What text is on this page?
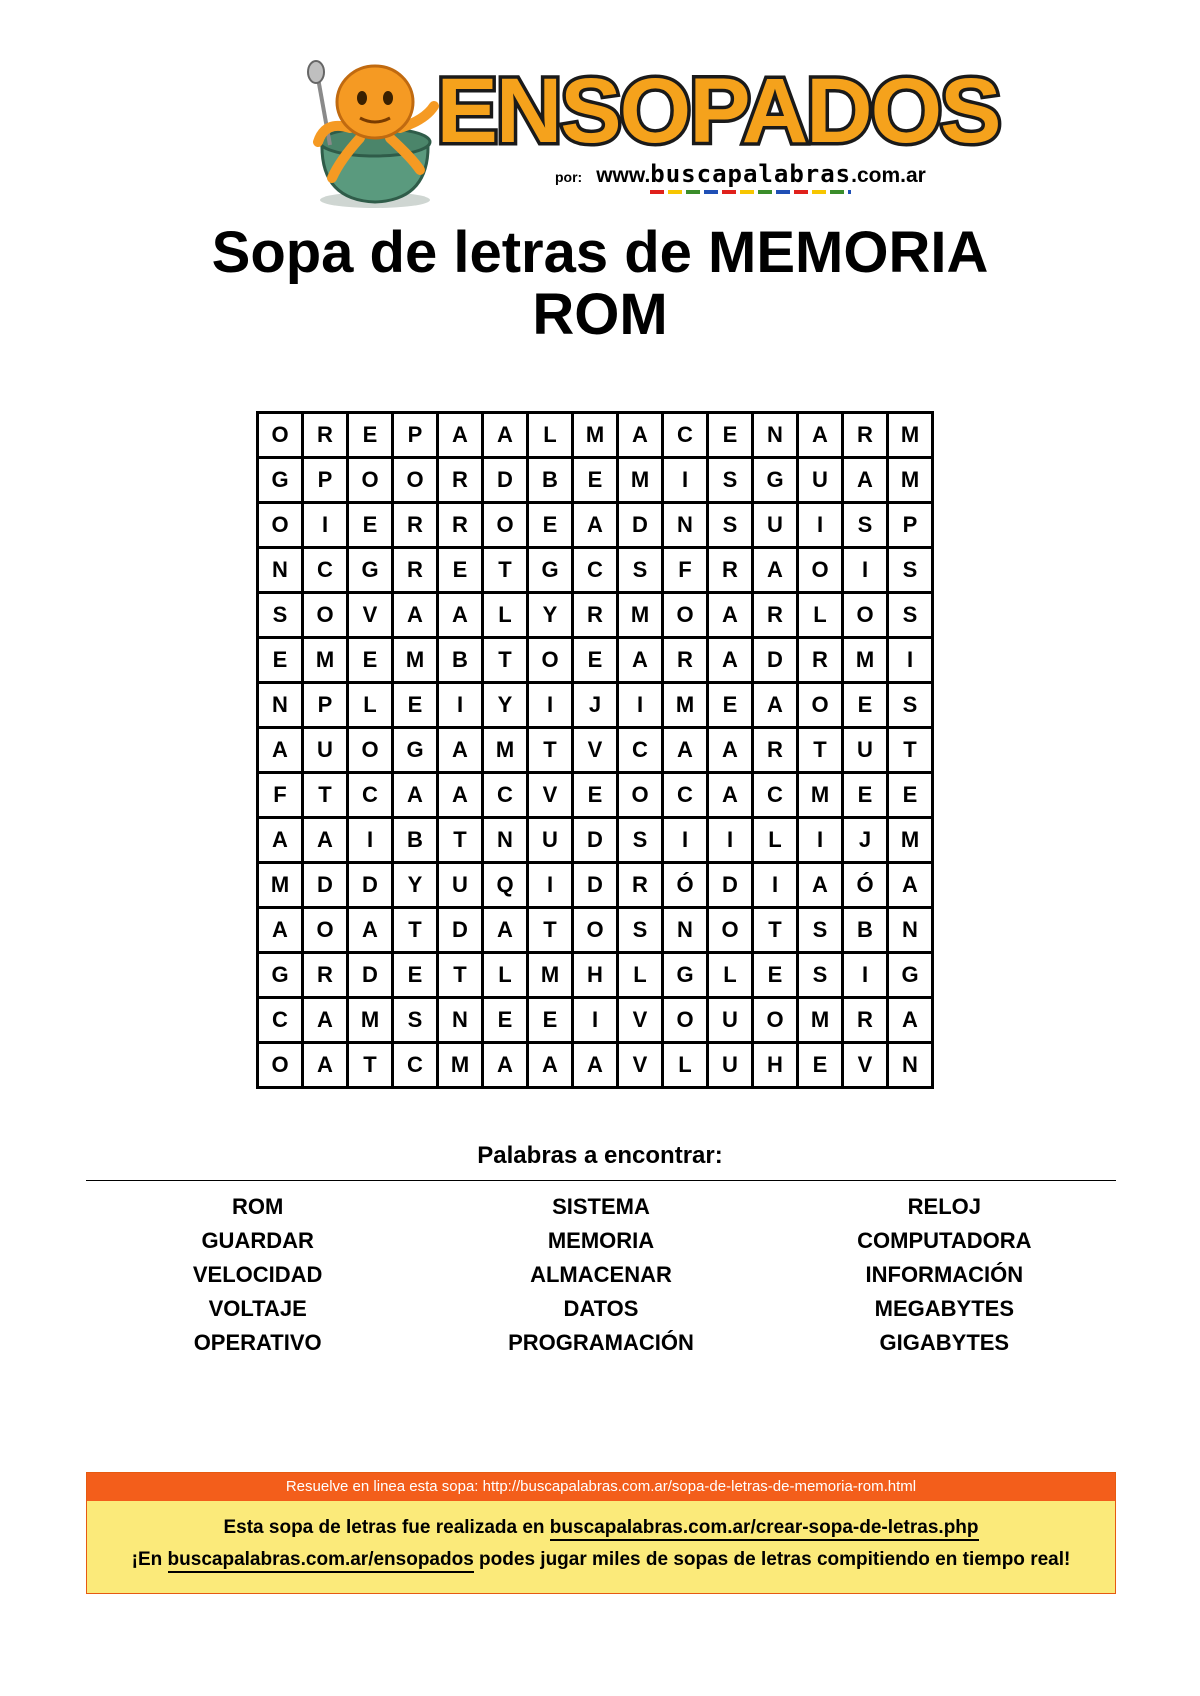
ENSOPADOS
por: www.buscapalabras
.com.ar
Sopa de letras de MEMORIA
ROM
O	R	E	P	A	A	L	M	A	C	E	N	A	R	M
G	P	O	O	R	D	B	E	M	I	S	G	U	A	M
O	I	E	R	R	O	E	A	D	N	S	U	I	S	P
N	C	G	R	E	T	G	C	S	F	R	A	O	I	S
S	O	V	A	A	L	Y	R	M	O	A	R	L	O	S
E	M	E	M	B	T	O	E	A	R	A	D	R	M	I
N	P	L	E	I	Y	I	J	I	M	E	A	O	E	S
A	U	O	G	A	M	T	V	C	A	A	R	T	U	T
F	T	C	A	A	C	V	E	O	C	A	C	M	E	E
A	A	I	B	T	N	U	D	S	I	I	L	I	J	M
M	D	D	Y	U	Q	I	D	R	Ó	D	I	A	Ó	A
A	O	A	T	D	A	T	O	S	N	O	T	S	B	N
G	R	D	E	T	L	M	H	L	G	L	E	S	I	G
C	A	M	S	N	E	E	I	V	O	U	O	M	R	A
O	A	T	C	M	A	A	A	V	L	U	H	E	V	N
Palabras a encontrar:
ROM	SISTEMA	RELOJ
GUARDAR	MEMORIA	COMPUTADORA
VELOCIDAD	ALMACENAR	INFORMACIÓN
VOLTAJE	DATOS	MEGABYTES
OPERATIVO	PROGRAMACIÓN	GIGABYTES
Resuelve en linea esta sopa: http://buscapalabras.com.ar/sopa-de-letras-de-memoria-rom.html
Esta sopa de letras fue realizada en buscapalabras.com.ar/crear-sopa-de-letras.php
¡En buscapalabras.com.ar/ensopados podes jugar miles de sopas de letras compitiendo en tiempo real!
